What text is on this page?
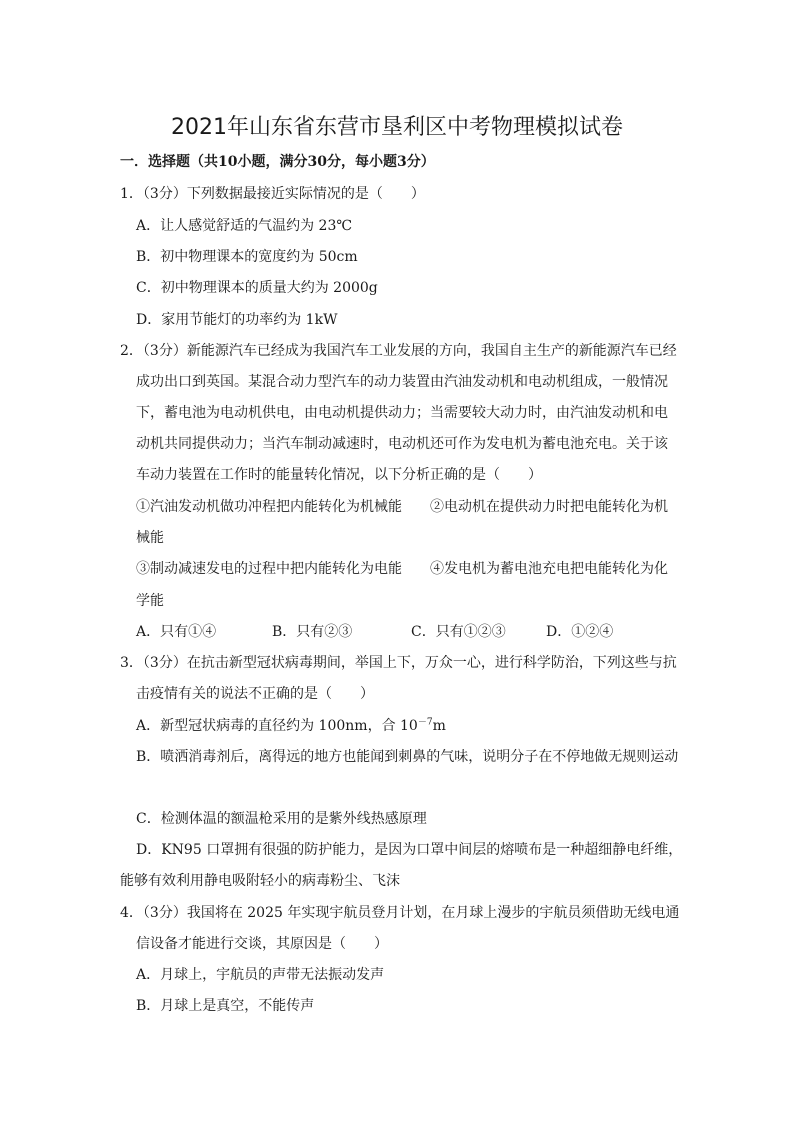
2021年山东省东营市垦利区中考物理模拟试卷
一．选择题（共10小题，满分30分，每小题3分）
1．（3分）下列数据最接近实际情况的是（　　）
A．让人感觉舒适的气温约为 23℃
B．初中物理课本的宽度约为 50cm
C．初中物理课本的质量大约为 2000g
D．家用节能灯的功率约为 1kW
2．（3分）新能源汽车已经成为我国汽车工业发展的方向，我国自主生产的新能源汽车已经
成功出口到英国。某混合动力型汽车的动力装置由汽油发动机和电动机组成，一般情况
下，蓄电池为电动机供电，由电动机提供动力；当需要较大动力时，由汽油发动机和电
动机共同提供动力；当汽车制动减速时，电动机还可作为发电机为蓄电池充电。关于该
车动力装置在工作时的能量转化情况，以下分析正确的是（　　）
①汽油发动机做功冲程把内能转化为机械能 ②电动机在提供动力时把电能转化为机
械能
③制动减速发电的过程中把内能转化为电能 ④发电机为蓄电池充电把电能转化为化
学能
A．只有①④	B．只有②③	C．只有①②③	D．①②④
3．（3分）在抗击新型冠状病毒期间，举国上下，万众一心，进行科学防治，下列这些与抗
击疫情有关的说法不正确的是（　　）
A．新型冠状病毒的直径约为 100nm，合 $10^{-7}m$
B．喷洒消毒剂后，离得远的地方也能闻到刺鼻的气味，说明分子在不停地做无规则运动
C．检测体温的额温枪采用的是紫外线热感原理
D．KN95 口罩拥有很强的防护能力，是因为口罩中间层的熔喷布是一种超细静电纤维，
能够有效利用静电吸附轻小的病毒粉尘、飞沫
4．（3分）我国将在 2025 年实现宇航员登月计划，在月球上漫步的宇航员须借助无线电通
信设备才能进行交谈，其原因是（　　）
A．月球上，宇航员的声带无法振动发声
B．月球上是真空，不能传声
